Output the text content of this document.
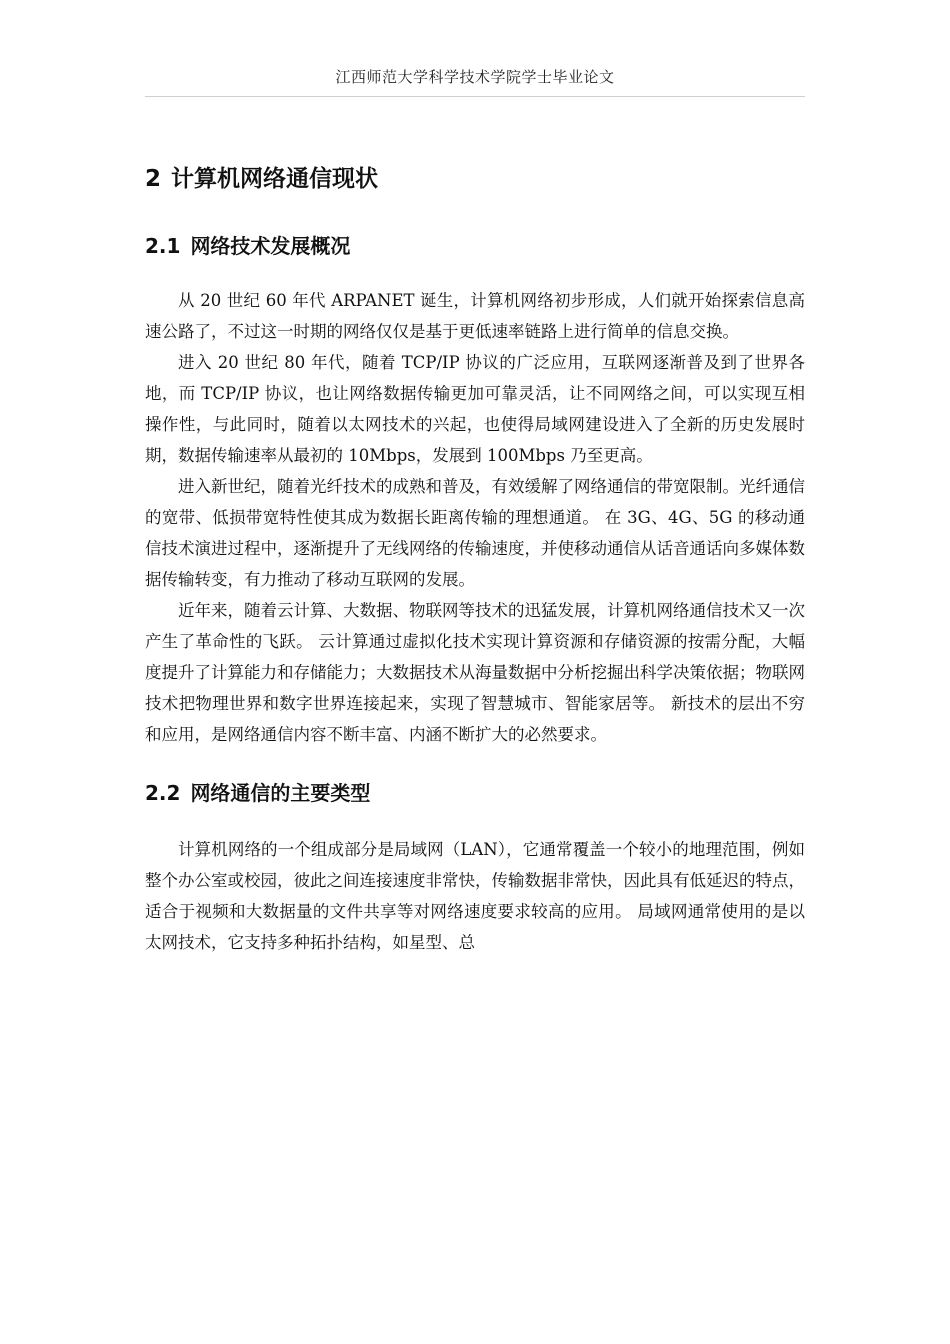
江西师范大学科学技术学院学士毕业论文
2 计算机网络通信现状
2.1 网络技术发展概况

从 20 世纪 60 年代 ARPANET 诞生，计算机网络初步形成，人们就开始探索信息高速公路了，不过这一时期的网络仅仅是基于更低速率链路上进行简单的信息交换。

进入 20 世纪 80 年代，随着 TCP/IP 协议的广泛应用，互联网逐渐普及到了世界各地，而 TCP/IP 协议，也让网络数据传输更加可靠灵活，让不同网络之间，可以实现互相操作性，与此同时，随着以太网技术的兴起，也使得局域网建设进入了全新的历史发展时期，数据传输速率从最初的 10Mbps，发展到 100Mbps 乃至更高。

进入新世纪，随着光纤技术的成熟和普及，有效缓解了网络通信的带宽限制。光纤通信的宽带、低损带宽特性使其成为数据长距离传输的理想通道。 在 3G、4G、5G 的移动通信技术演进过程中，逐渐提升了无线网络的传输速度，并使移动通信从话音通话向多媒体数据传输转变，有力推动了移动互联网的发展。

近年来，随着云计算、大数据、物联网等技术的迅猛发展，计算机网络通信技术又一次产生了革命性的飞跃。 云计算通过虚拟化技术实现计算资源和存储资源的按需分配，大幅度提升了计算能力和存储能力；大数据技术从海量数据中分析挖掘出科学决策依据；物联网技术把物理世界和数字世界连接起来，实现了智慧城市、智能家居等。 新技术的层出不穷和应用，是网络通信内容不断丰富、内涵不断扩大的必然要求。

2.2 网络通信的主要类型

计算机网络的一个组成部分是局域网（LAN），它通常覆盖一个较小的地理范围，例如整个办公室或校园，彼此之间连接速度非常快，传输数据非常快，因此具有低延迟的特点，适合于视频和大数据量的文件共享等对网络速度要求较高的应用。 局域网通常使用的是以太网技术，它支持多种拓扑结构，如星型、总
